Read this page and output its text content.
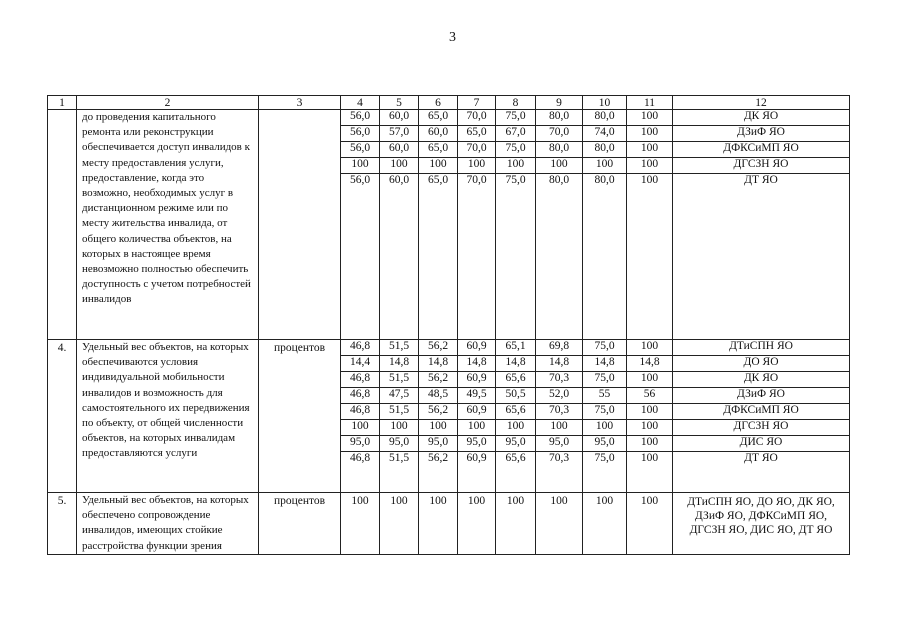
3
1	2	3	4	5	6	7	8	9	10	11	12
	до проведения капитального ремонта или реконструкции обеспечивается доступ инвалидов к месту предоставления услуги, предоставление, когда это возможно, необходимых услуг в дистанционном режиме или по месту жительства инвалида, от общего количества объектов, на которых в настоящее время невозможно полностью обеспечить доступность с учетом потребностей инвалидов		56,0	60,0	65,0	70,0	75,0	80,0	80,0	100	ДК ЯО
			56,0	57,0	60,0	65,0	67,0	70,0	74,0	100	ДЗиФ ЯО
			56,0	60,0	65,0	70,0	75,0	80,0	80,0	100	ДФКСиМП ЯО
			100	100	100	100	100	100	100	100	ДГСЗН ЯО
			56,0	60,0	65,0	70,0	75,0	80,0	80,0	100	ДТ ЯО
4.	Удельный вес объектов, на которых обеспечиваются условия индивидуальной мобильности инвалидов и возможность для самостоятельного их передвижения по объекту, от общей численности объектов, на которых инвалидам предоставляются услуги	процентов	46,8	51,5	56,2	60,9	65,1	69,8	75,0	100	ДТиСПН ЯО
			14,4	14,8	14,8	14,8	14,8	14,8	14,8	14,8	ДО ЯО
			46,8	51,5	56,2	60,9	65,6	70,3	75,0	100	ДК ЯО
			46,8	47,5	48,5	49,5	50,5	52,0	55	56	ДЗиФ ЯО
			46,8	51,5	56,2	60,9	65,6	70,3	75,0	100	ДФКСиМП ЯО
			100	100	100	100	100	100	100	100	ДГСЗН ЯО
			95,0	95,0	95,0	95,0	95,0	95,0	95,0	100	ДИС ЯО
			46,8	51,5	56,2	60,9	65,6	70,3	75,0	100	ДТ ЯО
5.	Удельный вес объектов, на которых обеспечено сопровождение инвалидов, имеющих стойкие расстройства функции зрения	процентов	100	100	100	100	100	100	100	100	ДТиСПН ЯО, ДО ЯО, ДК ЯО, ДЗиФ ЯО, ДФКСиМП ЯО, ДГСЗН ЯО, ДИС ЯО, ДТ ЯО
